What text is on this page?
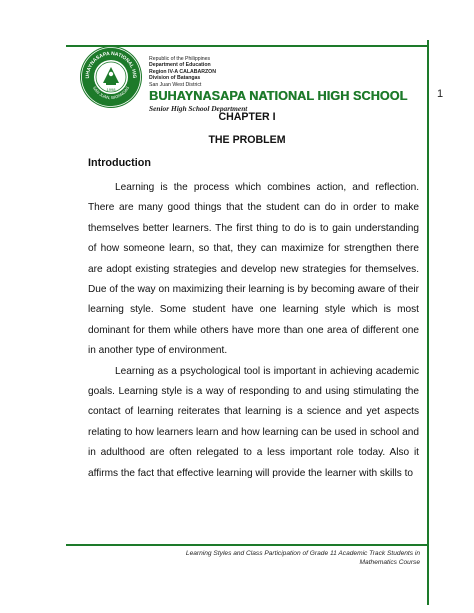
UHAYNASAPA NATIONAL HIG
SAN JUAN, BATANGAS
1998
Republic of the Philippines
Department of Education
Region IV-A CALABARZON
Division of Batangas
San Juan West District
BUHAYNASAPA NATIONAL HIGH SCHOOL
Senior High School Department
1
CHAPTER I
THE PROBLEM
Introduction

Learning is the process which combines action, and reflection. There are many good things that the student can do in order to make themselves better learners. The first thing to do is to gain understanding of how someone learn, so that, they can maximize for strengthen there are adopt existing strategies and develop new strategies for themselves. Due of the way on maximizing their learning is by becoming aware of their learning style. Some student have one learning style which is most dominant for them while others have more than one area of different one in another type of environment.

Learning as a psychological tool is important in achieving academic goals. Learning style is a way of responding to and using stimulating the contact of learning reiterates that learning is a science and yet aspects relating to how learners learn and how learning can be used in school and in adulthood are often relegated to a less important role today. Also it affirms the fact that effective learning will provide the learner with skills to

Learning Styles and Class Participation of Grade 11 Academic Track Students in
Mathematics Course
